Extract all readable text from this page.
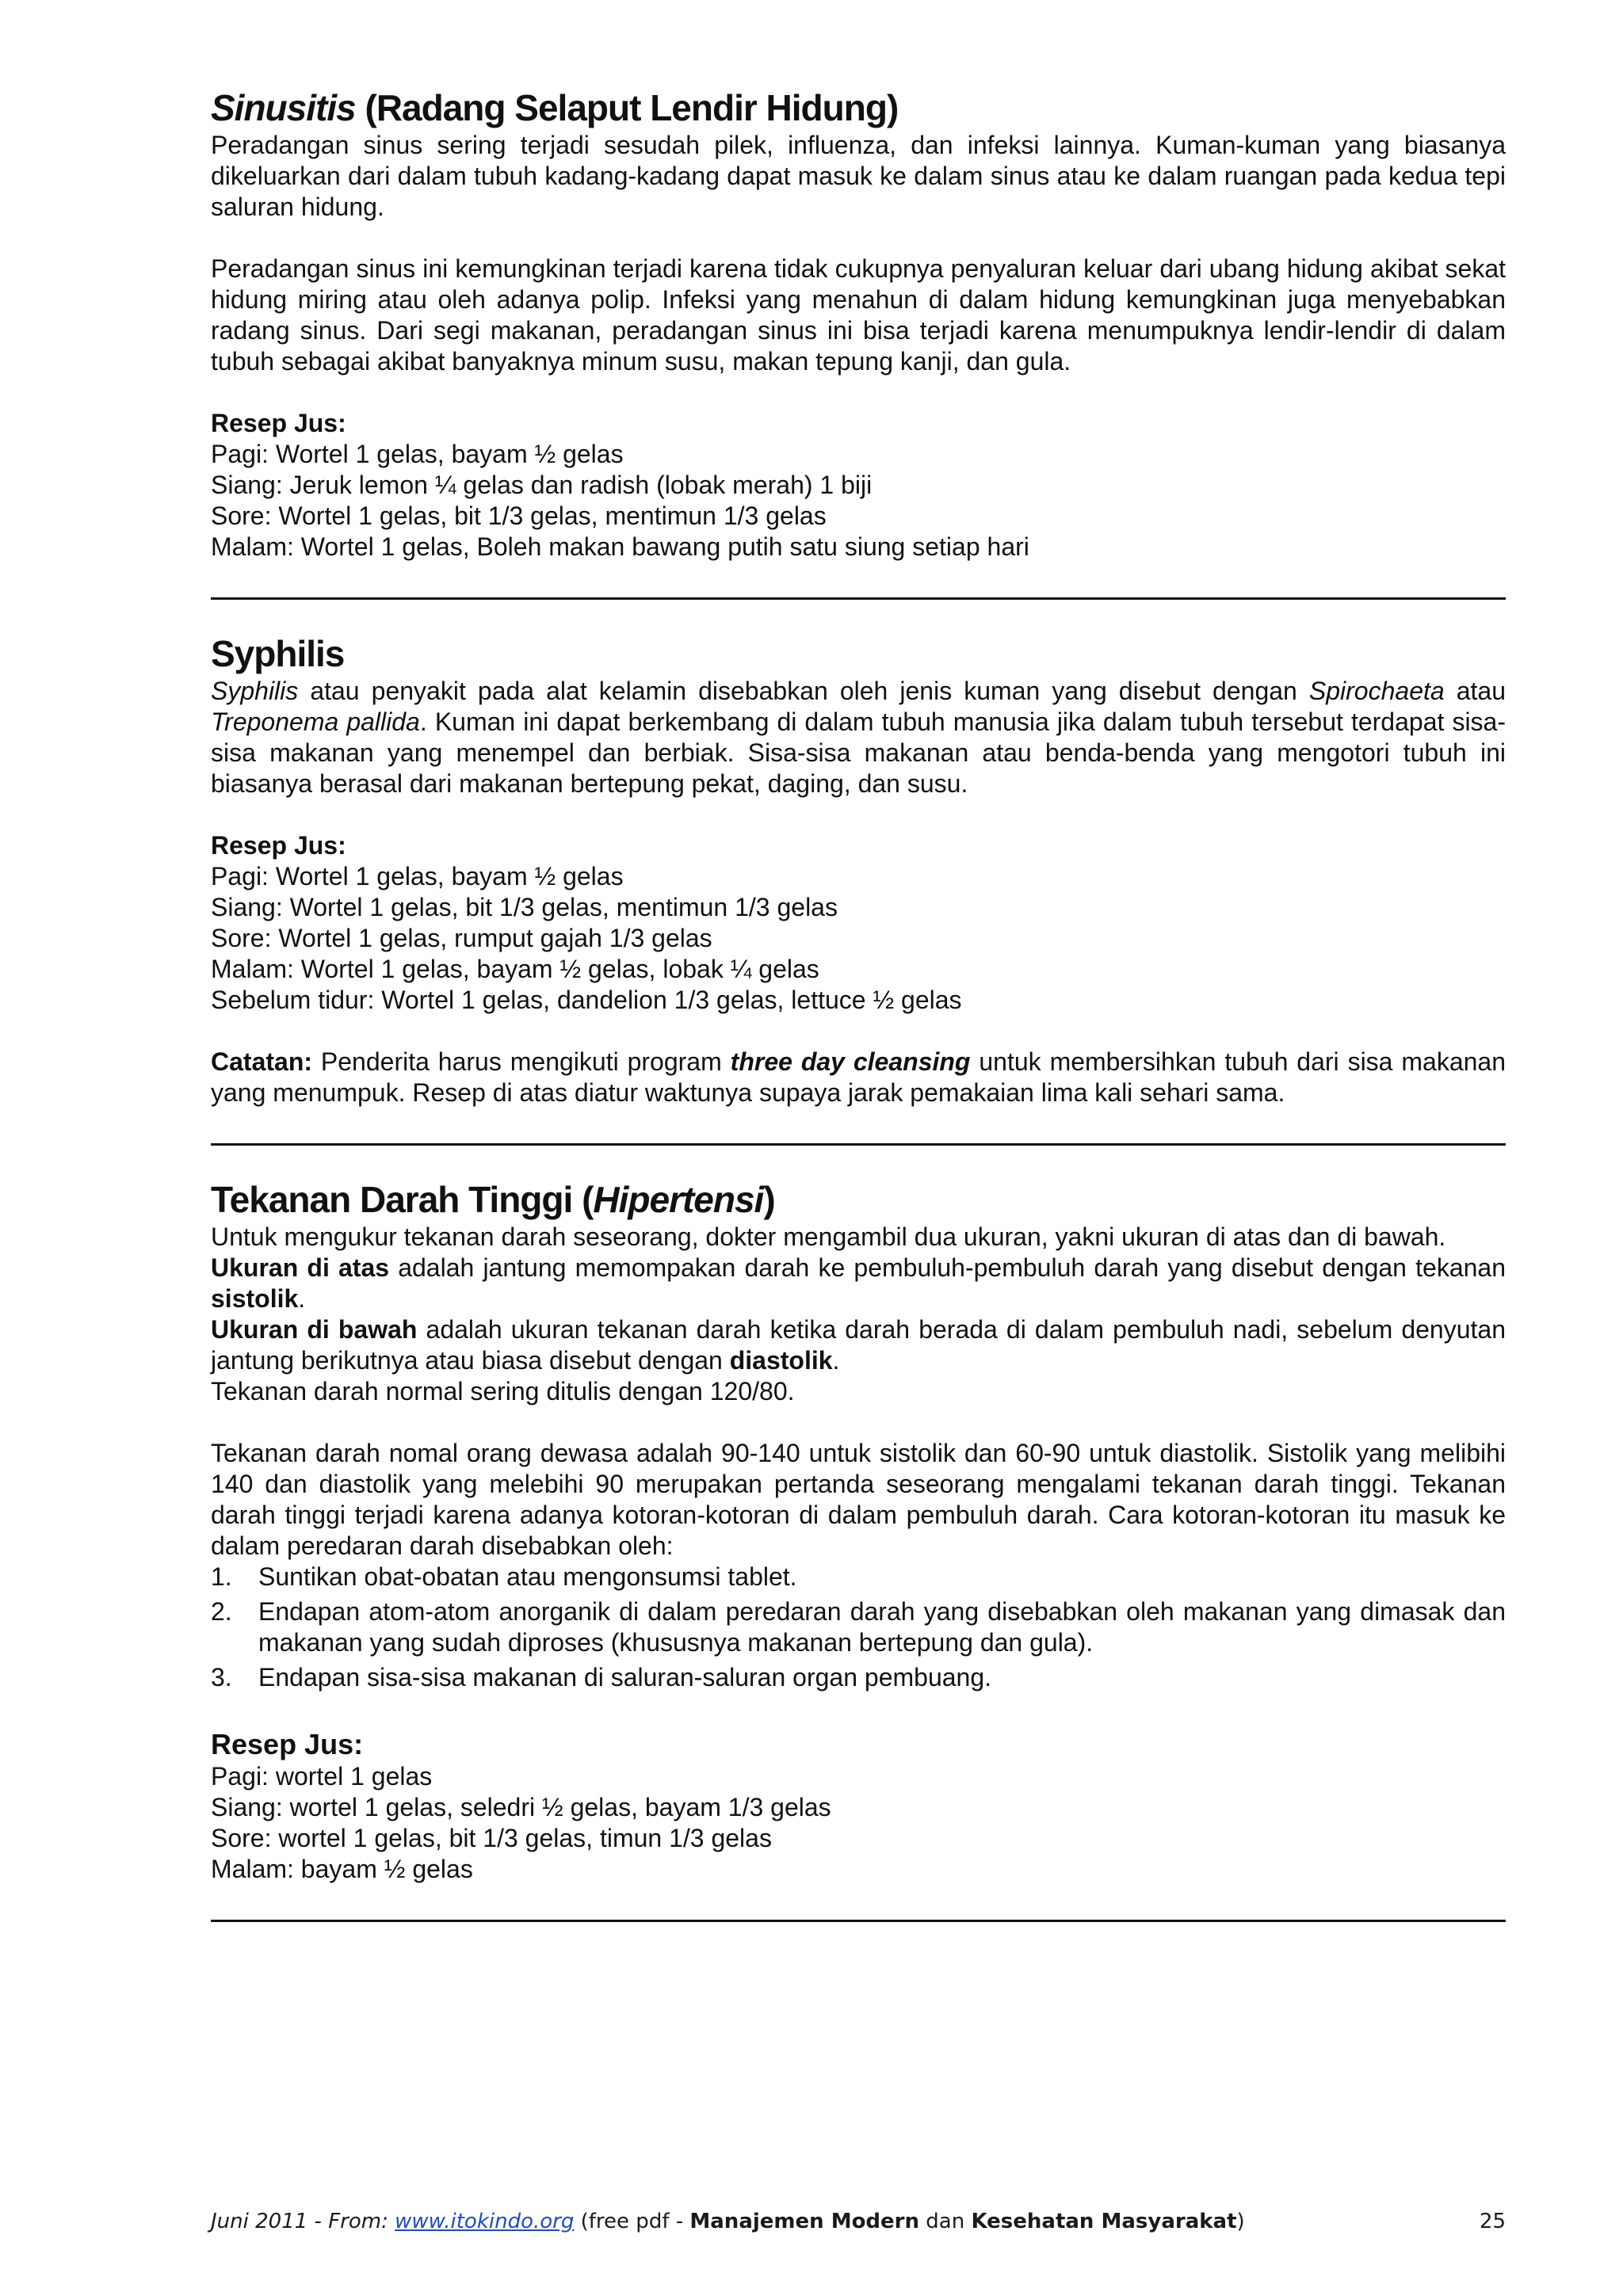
Sinusitis (Radang Selaput Lendir Hidung)

Peradangan sinus sering terjadi sesudah pilek, influenza, dan infeksi lainnya. Kuman-kuman yang biasanya dikeluarkan dari dalam tubuh kadang-kadang dapat masuk ke dalam sinus atau ke dalam ruangan pada kedua tepi saluran hidung.

Peradangan sinus ini kemungkinan terjadi karena tidak cukupnya penyaluran keluar dari ubang hidung akibat sekat hidung miring atau oleh adanya polip. Infeksi yang menahun di dalam hidung kemungkinan juga menyebabkan radang sinus. Dari segi makanan, peradangan sinus ini bisa terjadi karena menumpuknya lendir-lendir di dalam tubuh sebagai akibat banyaknya minum susu, makan tepung kanji, dan gula.

Resep Jus:
Pagi: Wortel 1 gelas, bayam ½ gelas
Siang: Jeruk lemon ¼ gelas dan radish (lobak merah) 1 biji
Sore: Wortel 1 gelas, bit 1/3 gelas, mentimun 1/3 gelas
Malam: Wortel 1 gelas, Boleh makan bawang putih satu siung setiap hari
Syphilis

Syphilis atau penyakit pada alat kelamin disebabkan oleh jenis kuman yang disebut dengan Spirochaeta atau Treponema pallida. Kuman ini dapat berkembang di dalam tubuh manusia jika dalam tubuh tersebut terdapat sisa-sisa makanan yang menempel dan berbiak. Sisa-sisa makanan atau benda-benda yang mengotori tubuh ini biasanya berasal dari makanan bertepung pekat, daging, dan susu.

Resep Jus:
Pagi: Wortel 1 gelas, bayam ½ gelas
Siang: Wortel 1 gelas, bit 1/3 gelas, mentimun 1/3 gelas
Sore: Wortel 1 gelas, rumput gajah 1/3 gelas
Malam: Wortel 1 gelas, bayam ½ gelas, lobak ¼ gelas
Sebelum tidur: Wortel 1 gelas, dandelion 1/3 gelas, lettuce ½ gelas

Catatan: Penderita harus mengikuti program three day cleansing untuk membersihkan tubuh dari sisa makanan yang menumpuk. Resep di atas diatur waktunya supaya jarak pemakaian lima kali sehari sama.

Tekanan Darah Tinggi (Hipertensi)

Untuk mengukur tekanan darah seseorang, dokter mengambil dua ukuran, yakni ukuran di atas dan di bawah.

Ukuran di atas adalah jantung memompakan darah ke pembuluh-pembuluh darah yang disebut dengan tekanan sistolik.

Ukuran di bawah adalah ukuran tekanan darah ketika darah berada di dalam pembuluh nadi, sebelum denyutan jantung berikutnya atau biasa disebut dengan diastolik.

Tekanan darah normal sering ditulis dengan 120/80.

Tekanan darah nomal orang dewasa adalah 90-140 untuk sistolik dan 60-90 untuk diastolik. Sistolik yang melibihi 140 dan diastolik yang melebihi 90 merupakan pertanda seseorang mengalami tekanan darah tinggi. Tekanan darah tinggi terjadi karena adanya kotoran-kotoran di dalam pembuluh darah. Cara kotoran-kotoran itu masuk ke dalam peredaran darah disebabkan oleh:

1. Suntikan obat-obatan atau mengonsumsi tablet.
2. Endapan atom-atom anorganik di dalam peredaran darah yang disebabkan oleh makanan yang dimasak dan makanan yang sudah diproses (khususnya makanan bertepung dan gula).
3. Endapan sisa-sisa makanan di saluran-saluran organ pembuang.
Resep Jus:
Pagi: wortel 1 gelas
Siang: wortel 1 gelas, seledri ½ gelas, bayam 1/3 gelas
Sore: wortel 1 gelas, bit 1/3 gelas, timun 1/3 gelas
Malam: bayam ½ gelas
Juni 2011 - From: www.itokindo.org (free pdf - Manajemen Modern dan Kesehatan Masyarakat)	25
